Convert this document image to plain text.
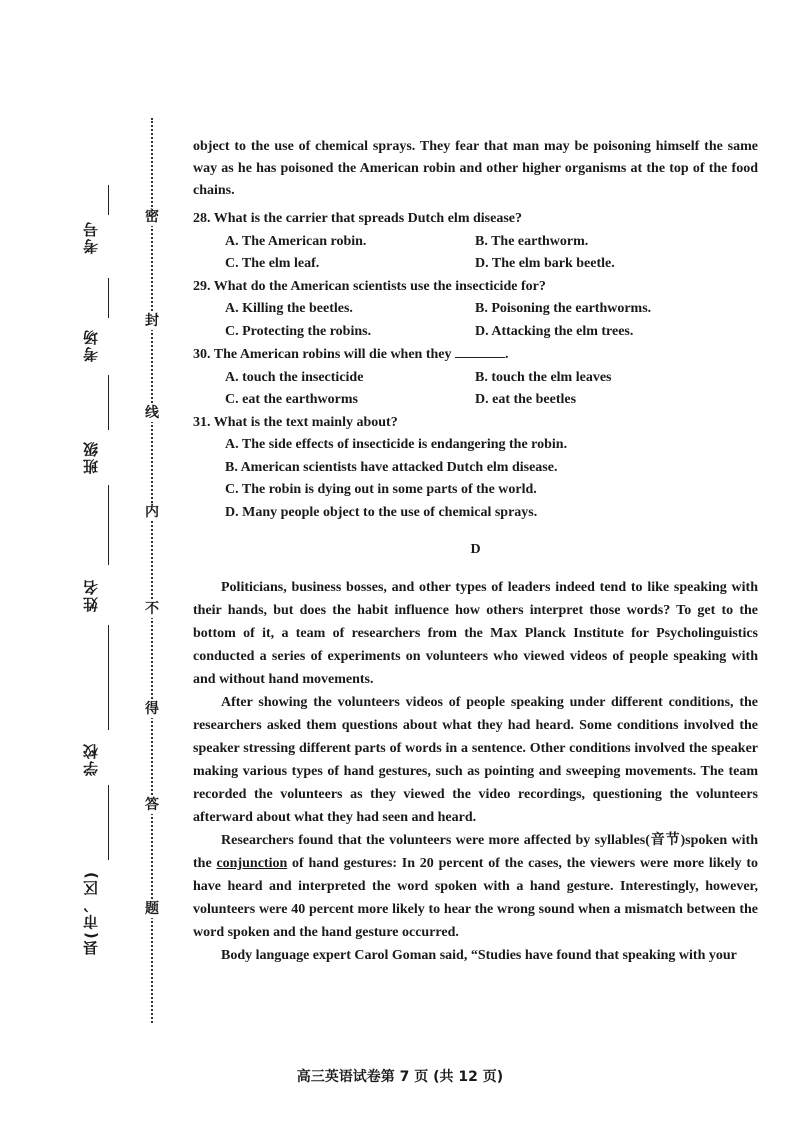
密
封
线
内
不
得
答
题
考号
考场
班级
姓名
学校
县(市、区)

object to the use of chemical sprays. They fear that man may be poisoning himself the same way as he has poisoned the American robin and other higher organisms at the top of the food chains.

28. What is the carrier that spreads Dutch elm disease?
A. The American robin.	B. The earthworm.
C. The elm leaf.	D. The elm bark beetle.
29. What do the American scientists use the insecticide for?
A. Killing the beetles.	B. Poisoning the earthworms.
C. Protecting the robins.	D. Attacking the elm trees.
30. The American robins will die when they	.
A. touch the insecticide	B. touch the elm leaves
C. eat the earthworms	D. eat the beetles
31. What is the text mainly about?
A. The side effects of insecticide is endangering the robin.
B. American scientists have attacked Dutch elm disease.
C. The robin is dying out in some parts of the world.
D. Many people object to the use of chemical sprays.
D

Politicians, business bosses, and other types of leaders indeed tend to like speaking with their hands, but does the habit influence how others interpret those words? To get to the bottom of it, a team of researchers from the Max Planck Institute for Psycholinguistics conducted a series of experiments on volunteers who viewed videos of people speaking with and without hand movements.

After showing the volunteers videos of people speaking under different conditions, the researchers asked them questions about what they had heard. Some conditions involved the speaker stressing different parts of words in a sentence. Other conditions involved the speaker making various types of hand gestures, such as pointing and sweeping movements. The team recorded the volunteers as they viewed the video recordings, questioning the volunteers afterward about what they had seen and heard.

Researchers found that the volunteers were more affected by syllables(音节)spoken with the conjunction of hand gestures: In 20 percent of the cases, the viewers were more likely to have heard and interpreted the word spoken with a hand gesture. Interestingly, however, volunteers were 40 percent more likely to hear the wrong sound when a mismatch between the word spoken and the hand gesture occurred.

Body language expert Carol Goman said, “Studies have found that speaking with your

高三英语试卷第 7 页 (共 12 页)
